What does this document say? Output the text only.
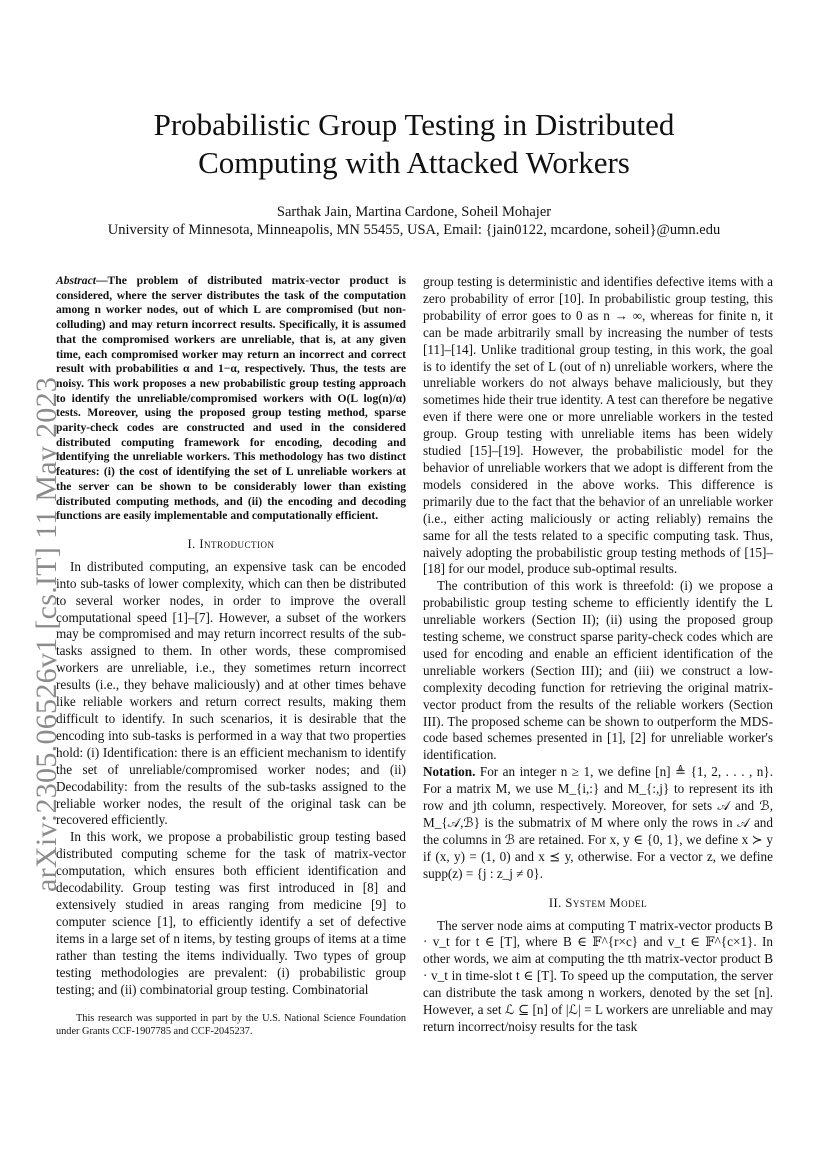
arXiv:2305.06526v1 [cs.IT] 11 May 2023
Probabilistic Group Testing in Distributed
Computing with Attacked Workers
Sarthak Jain, Martina Cardone, Soheil Mohajer
University of Minnesota, Minneapolis, MN 55455, USA, Email: {jain0122, mcardone, soheil}@umn.edu

Abstract—The problem of distributed matrix-vector product is considered, where the server distributes the task of the computation among n worker nodes, out of which L are compromised (but non-colluding) and may return incorrect results. Specifically, it is assumed that the compromised workers are unreliable, that is, at any given time, each compromised worker may return an incorrect and correct result with probabilities α and 1−α, respectively. Thus, the tests are noisy. This work proposes a new probabilistic group testing approach to identify the unreliable/compromised workers with O(L log(n)/α) tests. Moreover, using the proposed group testing method, sparse parity-check codes are constructed and used in the considered distributed computing framework for encoding, decoding and identifying the unreliable workers. This methodology has two distinct features: (i) the cost of identifying the set of L unreliable workers at the server can be shown to be considerably lower than existing distributed computing methods, and (ii) the encoding and decoding functions are easily implementable and computationally efficient.

I. Introduction

In distributed computing, an expensive task can be encoded into sub-tasks of lower complexity, which can then be distributed to several worker nodes, in order to improve the overall computational speed [1]–[7]. However, a subset of the workers may be compromised and may return incorrect results of the sub-tasks assigned to them. In other words, these compromised workers are unreliable, i.e., they sometimes return incorrect results (i.e., they behave maliciously) and at other times behave like reliable workers and return correct results, making them difficult to identify. In such scenarios, it is desirable that the encoding into sub-tasks is performed in a way that two properties hold: (i) Identification: there is an efficient mechanism to identify the set of unreliable/compromised worker nodes; and (ii) Decodability: from the results of the sub-tasks assigned to the reliable worker nodes, the result of the original task can be recovered efficiently.

In this work, we propose a probabilistic group testing based distributed computing scheme for the task of matrix-vector computation, which ensures both efficient identification and decodability. Group testing was first introduced in [8] and extensively studied in areas ranging from medicine [9] to computer science [1], to efficiently identify a set of defective items in a large set of n items, by testing groups of items at a time rather than testing the items individually. Two types of group testing methodologies are prevalent: (i) probabilistic group testing; and (ii) combinatorial group testing. Combinatorial

This research was supported in part by the U.S. National Science Foundation under Grants CCF-1907785 and CCF-2045237.

group testing is deterministic and identifies defective items with a zero probability of error [10]. In probabilistic group testing, this probability of error goes to 0 as n → ∞, whereas for finite n, it can be made arbitrarily small by increasing the number of tests [11]–[14]. Unlike traditional group testing, in this work, the goal is to identify the set of L (out of n) unreliable workers, where the unreliable workers do not always behave maliciously, but they sometimes hide their true identity. A test can therefore be negative even if there were one or more unreliable workers in the tested group. Group testing with unreliable items has been widely studied [15]–[19]. However, the probabilistic model for the behavior of unreliable workers that we adopt is different from the models considered in the above works. This difference is primarily due to the fact that the behavior of an unreliable worker (i.e., either acting maliciously or acting reliably) remains the same for all the tests related to a specific computing task. Thus, naively adopting the probabilistic group testing methods of [15]–[18] for our model, produce sub-optimal results.

The contribution of this work is threefold: (i) we propose a probabilistic group testing scheme to efficiently identify the L unreliable workers (Section II); (ii) using the proposed group testing scheme, we construct sparse parity-check codes which are used for encoding and enable an efficient identification of the unreliable workers (Section III); and (iii) we construct a low-complexity decoding function for retrieving the original matrix-vector product from the results of the reliable workers (Section III). The proposed scheme can be shown to outperform the MDS-code based schemes presented in [1], [2] for unreliable worker's identification.

Notation. For an integer n ≥ 1, we define [n] ≜ {1, 2, . . . , n}. For a matrix M, we use M_{i,:} and M_{:,j} to represent its ith row and jth column, respectively. Moreover, for sets 𝒜 and ℬ, M_{𝒜,ℬ} is the submatrix of M where only the rows in 𝒜 and the columns in ℬ are retained. For x, y ∈ {0, 1}, we define x ≻ y if (x, y) = (1, 0) and x ⪯ y, otherwise. For a vector z, we define supp(z) = {j : z_j ≠ 0}.

II. System Model

The server node aims at computing T matrix-vector products B · v_t for t ∈ [T], where B ∈ 𝔽^{r×c} and v_t ∈ 𝔽^{c×1}. In other words, we aim at computing the tth matrix-vector product B · v_t in time-slot t ∈ [T]. To speed up the computation, the server can distribute the task among n workers, denoted by the set [n]. However, a set ℒ ⊆ [n] of |ℒ| = L workers are unreliable and may return incorrect/noisy results for the task
